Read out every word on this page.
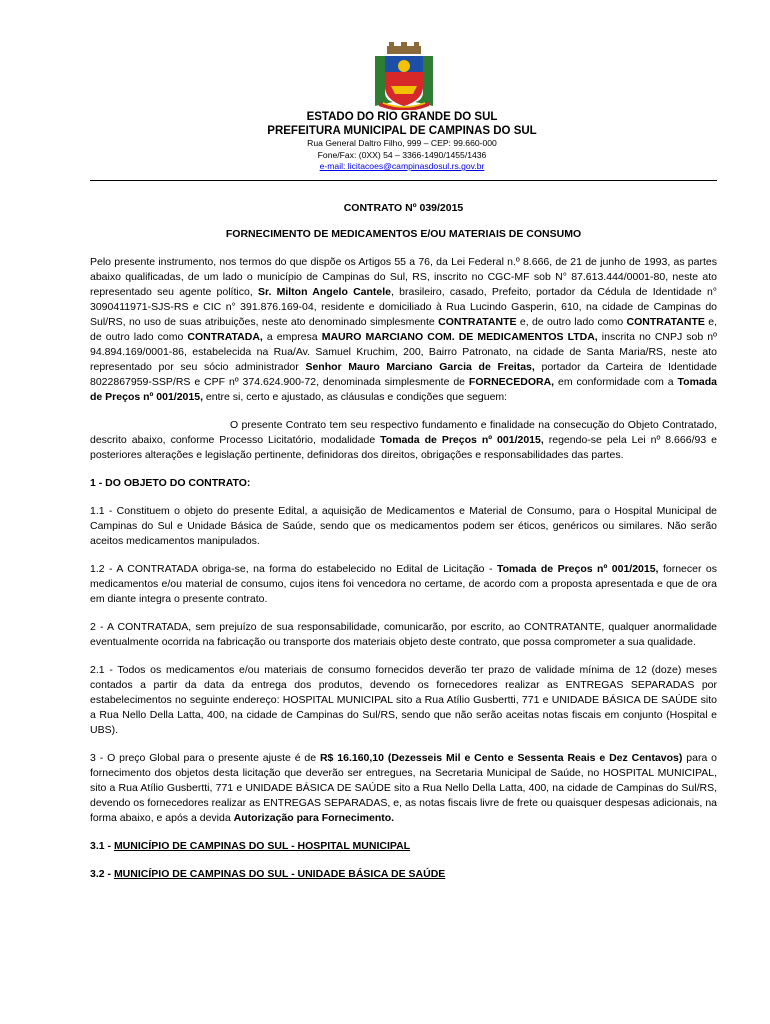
ESTADO DO RIO GRANDE DO SUL
PREFEITURA MUNICIPAL DE CAMPINAS DO SUL
Rua General Daltro Filho, 999 – CEP: 99.660-000
Fone/Fax: (0XX) 54 – 3366-1490/1455/1436
e-mail: licitacoes@campinasdosul.rs.gov.br
CONTRATO Nº 039/2015
FORNECIMENTO DE MEDICAMENTOS E/OU MATERIAIS DE CONSUMO

Pelo presente instrumento, nos termos do que dispõe os Artigos 55 a 76, da Lei Federal n.º 8.666, de 21 de junho de 1993, as partes abaixo qualificadas, de um lado o município de Campinas do Sul, RS, inscrito no CGC-MF sob N° 87.613.444/0001-80, neste ato representado seu agente político, Sr. Milton Angelo Cantele, brasileiro, casado, Prefeito, portador da Cédula de Identidade n° 3090411971-SJS-RS e CIC n° 391.876.169-04, residente e domiciliado à Rua Lucindo Gasperin, 610, na cidade de Campinas do Sul/RS, no uso de suas atribuições, neste ato denominado simplesmente CONTRATANTE e, de outro lado como CONTRATANTE e, de outro lado como CONTRATADA, a empresa MAURO MARCIANO COM. DE MEDICAMENTOS LTDA, inscrita no CNPJ sob nº 94.894.169/0001-86, estabelecida na Rua/Av. Samuel Kruchim, 200, Bairro Patronato, na cidade de Santa Maria/RS, neste ato representado por seu sócio administrador Senhor Mauro Marciano Garcia de Freitas, portador da Carteira de Identidade 8022867959-SSP/RS e CPF nº 374.624.900-72, denominada simplesmente de FORNECEDORA, em conformidade com a Tomada de Preços nº 001/2015, entre si, certo e ajustado, as cláusulas e condições que seguem:

O presente Contrato tem seu respectivo fundamento e finalidade na consecução do Objeto Contratado, descrito abaixo, conforme Processo Licitatório, modalidade Tomada de Preços nº 001/2015, regendo-se pela Lei nº 8.666/93 e posteriores alterações e legislação pertinente, definidoras dos direitos, obrigações e responsabilidades das partes.

1 - DO OBJETO DO CONTRATO:

1.1 - Constituem o objeto do presente Edital, a aquisição de Medicamentos e Material de Consumo, para o Hospital Municipal de Campinas do Sul e Unidade Básica de Saúde, sendo que os medicamentos podem ser éticos, genéricos ou similares. Não serão aceitos medicamentos manipulados.

1.2 - A CONTRATADA obriga-se, na forma do estabelecido no Edital de Licitação - Tomada de Preços nº 001/2015, fornecer os medicamentos e/ou material de consumo, cujos itens foi vencedora no certame, de acordo com a proposta apresentada e que de ora em diante integra o presente contrato.

2 - A CONTRATADA, sem prejuízo de sua responsabilidade, comunicarão, por escrito, ao CONTRATANTE, qualquer anormalidade eventualmente ocorrida na fabricação ou transporte dos materiais objeto deste contrato, que possa comprometer a sua qualidade.

2.1 - Todos os medicamentos e/ou materiais de consumo fornecidos deverão ter prazo de validade mínima de 12 (doze) meses contados a partir da data da entrega dos produtos, devendo os fornecedores realizar as ENTREGAS SEPARADAS por estabelecimentos no seguinte endereço: HOSPITAL MUNICIPAL sito a Rua Atílio Gusbertti, 771 e UNIDADE BÁSICA DE SAÚDE sito a Rua Nello Della Latta, 400, na cidade de Campinas do Sul/RS, sendo que não serão aceitas notas fiscais em conjunto (Hospital e UBS).

3 - O preço Global para o presente ajuste é de R$ 16.160,10 (Dezesseis Mil e Cento e Sessenta Reais e Dez Centavos) para o fornecimento dos objetos desta licitação que deverão ser entregues, na Secretaria Municipal de Saúde, no HOSPITAL MUNICIPAL, sito a Rua Atílio Gusbertti, 771 e UNIDADE BÁSICA DE SAÚDE sito a Rua Nello Della Latta, 400, na cidade de Campinas do Sul/RS, devendo os fornecedores realizar as ENTREGAS SEPARADAS, e, as notas fiscais livre de frete ou quaisquer despesas adicionais, na forma abaixo, e após a devida Autorização para Fornecimento.

3.1 - MUNICÍPIO DE CAMPINAS DO SUL - HOSPITAL MUNICIPAL
3.2 - MUNICÍPIO DE CAMPINAS DO SUL - UNIDADE BÁSICA DE SAÚDE
